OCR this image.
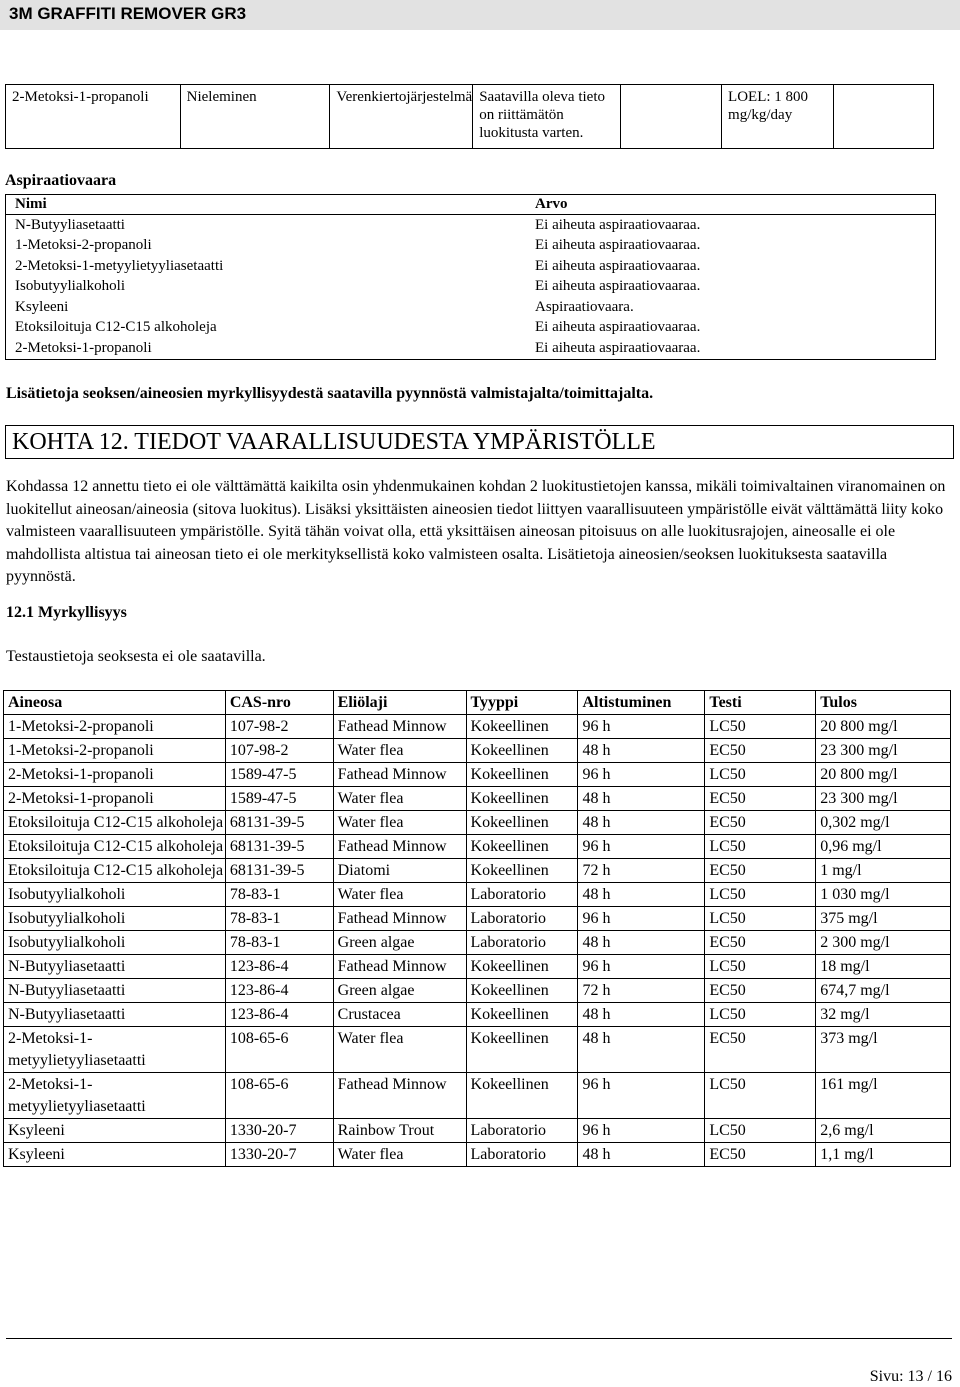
3M GRAFFITI REMOVER GR3
2-Metoksi-1-propanoli	Nieleminen	Verenkiertojärjestelmä	Saatavilla oleva tieto on riittämätön luokitusta varten.		LOEL: 1 800 mg/kg/day	
Aspiraatiovaara
Nimi	Arvo
N-Butyyliasetaatti	Ei aiheuta aspiraatiovaaraa.
1-Metoksi-2-propanoli	Ei aiheuta aspiraatiovaaraa.
2-Metoksi-1-metyylietyyliasetaatti	Ei aiheuta aspiraatiovaaraa.
Isobutyylialkoholi	Ei aiheuta aspiraatiovaaraa.
Ksyleeni	Aspiraatiovaara.
Etoksiloituja C12-C15 alkoholeja	Ei aiheuta aspiraatiovaaraa.
2-Metoksi-1-propanoli	Ei aiheuta aspiraatiovaaraa.
Lisätietoja seoksen/aineosien myrkyllisyydestä saatavilla pyynnöstä valmistajalta/toimittajalta.
KOHTA 12. TIEDOT VAARALLISUUDESTA YMPÄRISTÖLLE
Kohdassa 12 annettu tieto ei ole välttämättä kaikilta osin yhdenmukainen kohdan 2 luokitustietojen kanssa, mikäli toimivaltainen viranomainen on luokitellut aineosan/aineosia (sitova luokitus). Lisäksi yksittäisten aineosien tiedot liittyen vaarallisuuteen ympäristölle eivät välttämättä liity koko valmisteen vaarallisuuteen ympäristölle. Syitä tähän voivat olla, että yksittäisen aineosan pitoisuus on alle luokitusrajojen, aineosalle ei ole mahdollista altistua tai aineosan tieto ei ole merkityksellistä koko valmisteen osalta. Lisätietoja aineosien/seoksen luokituksesta saatavilla pyynnöstä.
12.1 Myrkyllisyys
Testaustietoja seoksesta ei ole saatavilla.
Aineosa	CAS-nro	Eliölaji	Tyyppi	Altistuminen	Testi	Tulos
1-Metoksi-2-propanoli	107-98-2	Fathead Minnow	Kokeellinen	96 h	LC50	20 800 mg/l
1-Metoksi-2-propanoli	107-98-2	Water flea	Kokeellinen	48 h	EC50	23 300 mg/l
2-Metoksi-1-propanoli	1589-47-5	Fathead Minnow	Kokeellinen	96 h	LC50	20 800 mg/l
2-Metoksi-1-propanoli	1589-47-5	Water flea	Kokeellinen	48 h	EC50	23 300 mg/l
Etoksiloituja C12-C15 alkoholeja	68131-39-5	Water flea	Kokeellinen	48 h	EC50	0,302 mg/l
Etoksiloituja C12-C15 alkoholeja	68131-39-5	Fathead Minnow	Kokeellinen	96 h	LC50	0,96 mg/l
Etoksiloituja C12-C15 alkoholeja	68131-39-5	Diatomi	Kokeellinen	72 h	EC50	1 mg/l
Isobutyylialkoholi	78-83-1	Water flea	Laboratorio	48 h	LC50	1 030 mg/l
Isobutyylialkoholi	78-83-1	Fathead Minnow	Laboratorio	96 h	LC50	375 mg/l
Isobutyylialkoholi	78-83-1	Green algae	Laboratorio	48 h	EC50	2 300 mg/l
N-Butyyliasetaatti	123-86-4	Fathead Minnow	Kokeellinen	96 h	LC50	18 mg/l
N-Butyyliasetaatti	123-86-4	Green algae	Kokeellinen	72 h	EC50	674,7 mg/l
N-Butyyliasetaatti	123-86-4	Crustacea	Kokeellinen	48 h	LC50	32 mg/l
2-Metoksi-1-metyylietyyliasetaatti	108-65-6	Water flea	Kokeellinen	48 h	EC50	373 mg/l
2-Metoksi-1-metyylietyyliasetaatti	108-65-6	Fathead Minnow	Kokeellinen	96 h	LC50	161 mg/l
Ksyleeni	1330-20-7	Rainbow Trout	Laboratorio	96 h	LC50	2,6 mg/l
Ksyleeni	1330-20-7	Water flea	Laboratorio	48 h	EC50	1,1 mg/l
Sivu: 13 / 16
